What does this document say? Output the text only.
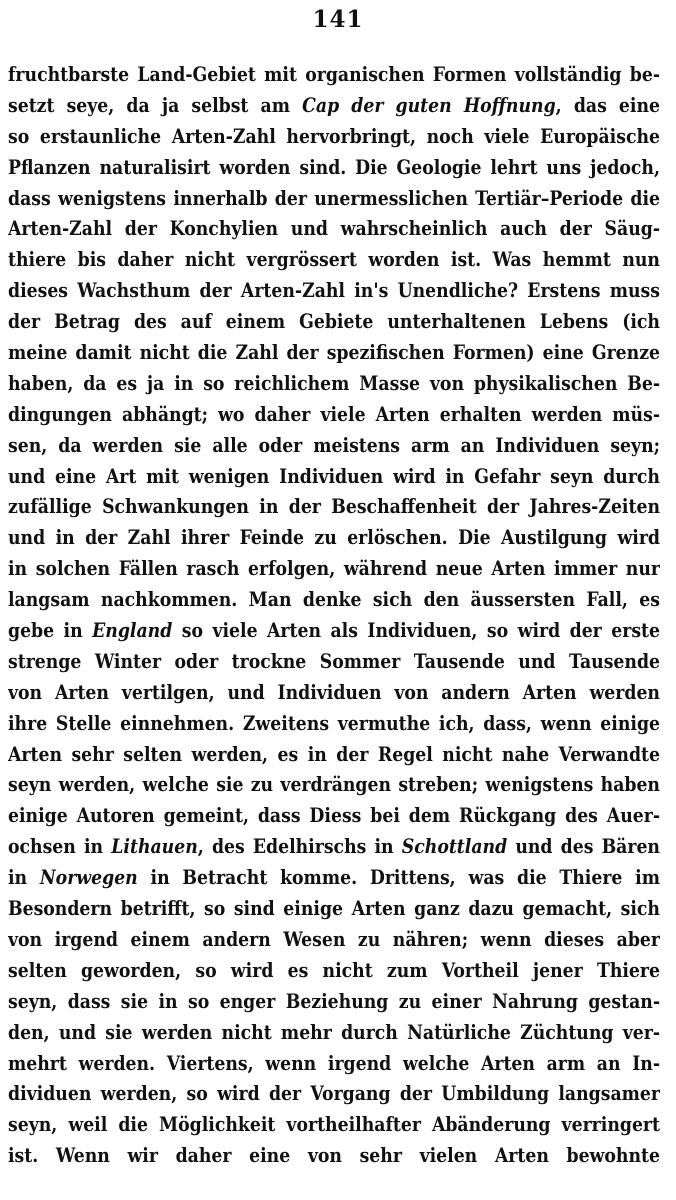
141
fruchtbarste Land-Gebiet mit organischen Formen vollständig be-
setzt seye, da ja selbst am Cap der guten Hoffnung, das eine
so erstaunliche Arten-Zahl hervorbringt, noch viele Europäische
Pflanzen naturalisirt worden sind. Die Geologie lehrt uns jedoch,
dass wenigstens innerhalb der unermesslichen Tertiär–Periode die
Arten-Zahl der Konchylien und wahrscheinlich auch der Säug-
thiere bis daher nicht vergrössert worden ist. Was hemmt nun
dieses Wachsthum der Arten-Zahl in's Unendliche? Erstens muss
der Betrag des auf einem Gebiete unterhaltenen Lebens (ich
meine damit nicht die Zahl der spezifischen Formen) eine Grenze
haben, da es ja in so reichlichem Masse von physikalischen Be-
dingungen abhängt; wo daher viele Arten erhalten werden müs-
sen, da werden sie alle oder meistens arm an Individuen seyn;
und eine Art mit wenigen Individuen wird in Gefahr seyn durch
zufällige Schwankungen in der Beschaffenheit der Jahres-Zeiten
und in der Zahl ihrer Feinde zu erlöschen. Die Austilgung wird
in solchen Fällen rasch erfolgen, während neue Arten immer nur
langsam nachkommen. Man denke sich den äussersten Fall, es
gebe in England so viele Arten als Individuen, so wird der erste
strenge Winter oder trockne Sommer Tausende und Tausende
von Arten vertilgen, und Individuen von andern Arten werden
ihre Stelle einnehmen. Zweitens vermuthe ich, dass, wenn einige
Arten sehr selten werden, es in der Regel nicht nahe Verwandte
seyn werden, welche sie zu verdrängen streben; wenigstens haben
einige Autoren gemeint, dass Diess bei dem Rückgang des Auer-
ochsen in Lithauen, des Edelhirschs in Schottland und des Bären
in Norwegen in Betracht komme. Drittens, was die Thiere im
Besondern betrifft, so sind einige Arten ganz dazu gemacht, sich
von irgend einem andern Wesen zu nähren; wenn dieses aber
selten geworden, so wird es nicht zum Vortheil jener Thiere
seyn, dass sie in so enger Beziehung zu einer Nahrung gestan-
den, und sie werden nicht mehr durch Natürliche Züchtung ver-
mehrt werden. Viertens, wenn irgend welche Arten arm an In-
dividuen werden, so wird der Vorgang der Umbildung langsamer
seyn, weil die Möglichkeit vortheilhafter Abänderung verringert
ist. Wenn wir daher eine von sehr vielen Arten bewohnte
